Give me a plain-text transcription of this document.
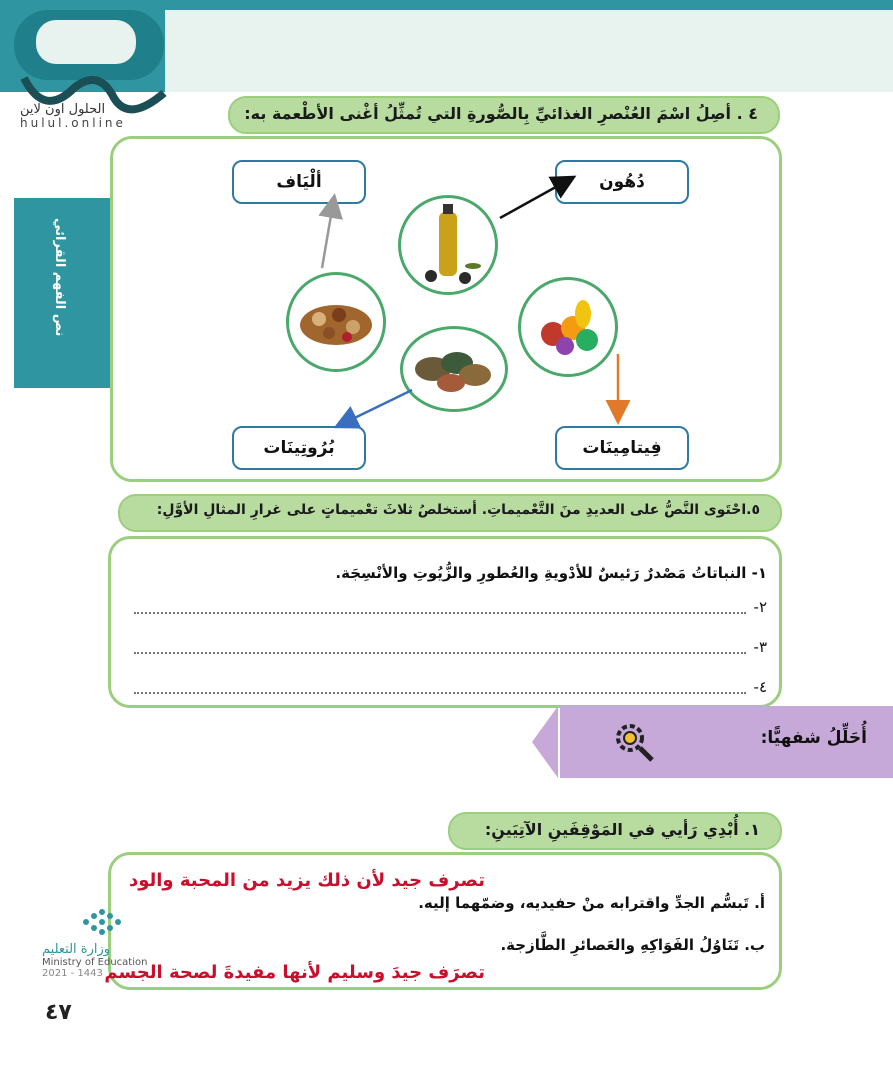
الحلول اون لاين
hulul.online
نص الفهم القرائي
٤ . أصِلُ اسْمَ العُنْصرِ الغذائيِّ بِالصُّورةِ التي تُمثِّلُ أغْنى الأطْعمة به:
ألْيَاف	دُهُون
فِيتامِينَات
بُرُوتِينَات
٥.احْتَوى النَّصُّ على العديدِ منَ التَّعْميماتِ. أستخلصُ ثلاثَ تعْميماتٍ على غرارِ المثالِ الأوَّلِ:
١- النباتاتُ مَصْدرٌ رَئيسٌ للأدْويةِ والعُطورِ والزُّيُوتِ والأنْسِجَة.
٢-
٣-
٤-
أُحَلِّلُ شفهيًّا:
١. أُبْدِي رَأيي في المَوْقِفَينِ الآتِيَينِ:
تصرف جيد لأن ذلك يزيد من المحبة والود
أ. تَبسُّم الجدِّ واقترابه منْ حفيديه، وضمّهما إليه.
ب. تَنَاوُلُ الفَوَاكِهِ والعَصائرِ الطَّازجة.
تصرَف جيدَ وسليم لأنها مفيدةَ لصحة الجسم
وزارة التعليم
Ministry of Education
2021 - 1443
٤٧
